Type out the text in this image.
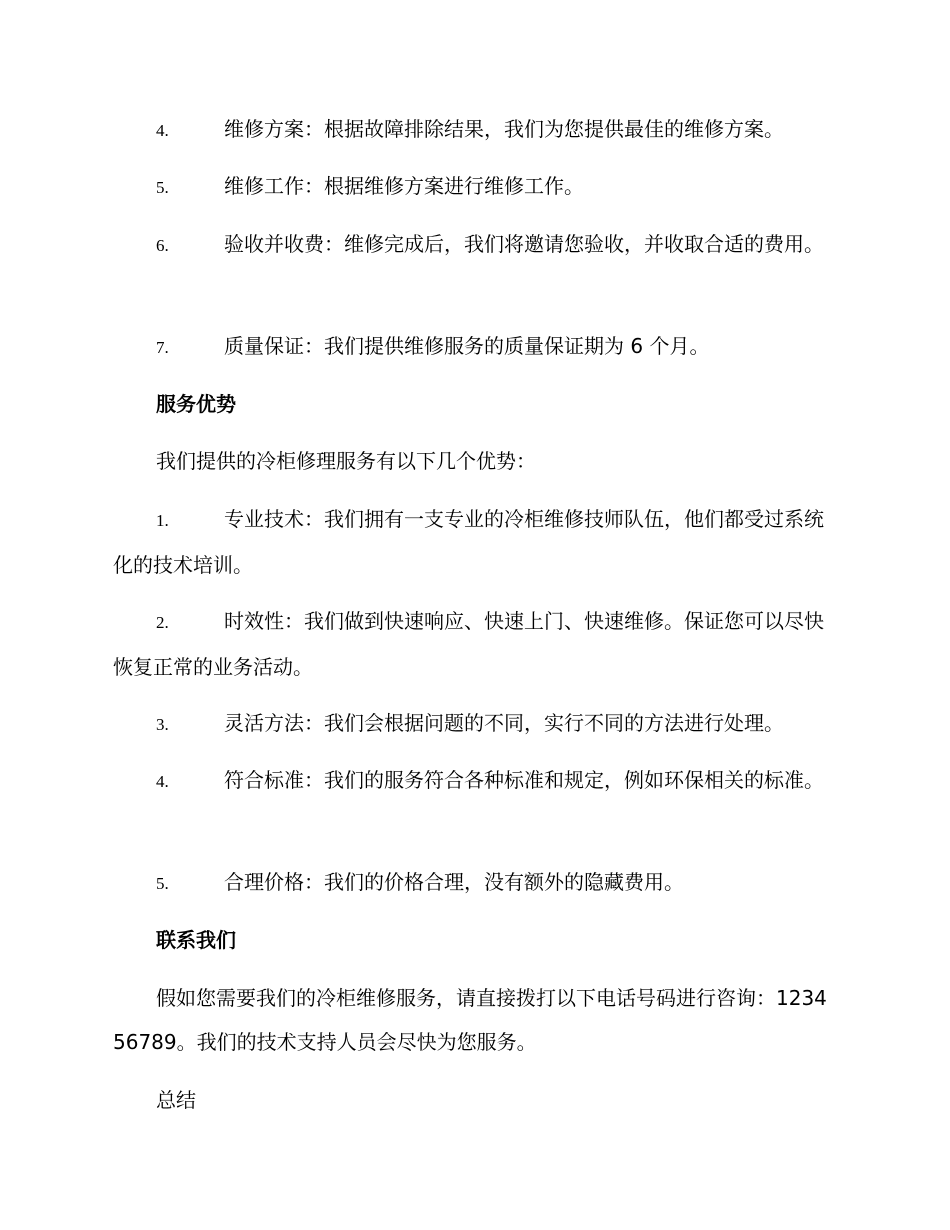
4.	维修方案：根据故障排除结果，我们为您提供最佳的维修方案。
5.	维修工作：根据维修方案进行维修工作。
6.	验收并收费：维修完成后，我们将邀请您验收，并收取合适的费用。
7.	质量保证：我们提供维修服务的质量保证期为 6 个月。
服务优势
我们提供的冷柜修理服务有以下几个优势：
1.	专业技术：我们拥有一支专业的冷柜维修技师队伍，他们都受过系统化的技术培训。
2.	时效性：我们做到快速响应、快速上门、快速维修。保证您可以尽快恢复正常的业务活动。
3.	灵活方法：我们会根据问题的不同，实行不同的方法进行处理。
4.	符合标准：我们的服务符合各种标准和规定，例如环保相关的标准。
5.	合理价格：我们的价格合理，没有额外的隐藏费用。
联系我们
假如您需要我们的冷柜维修服务，请直接拨打以下电话号码进行咨询：123456789。我们的技术支持人员会尽快为您服务。
总结
